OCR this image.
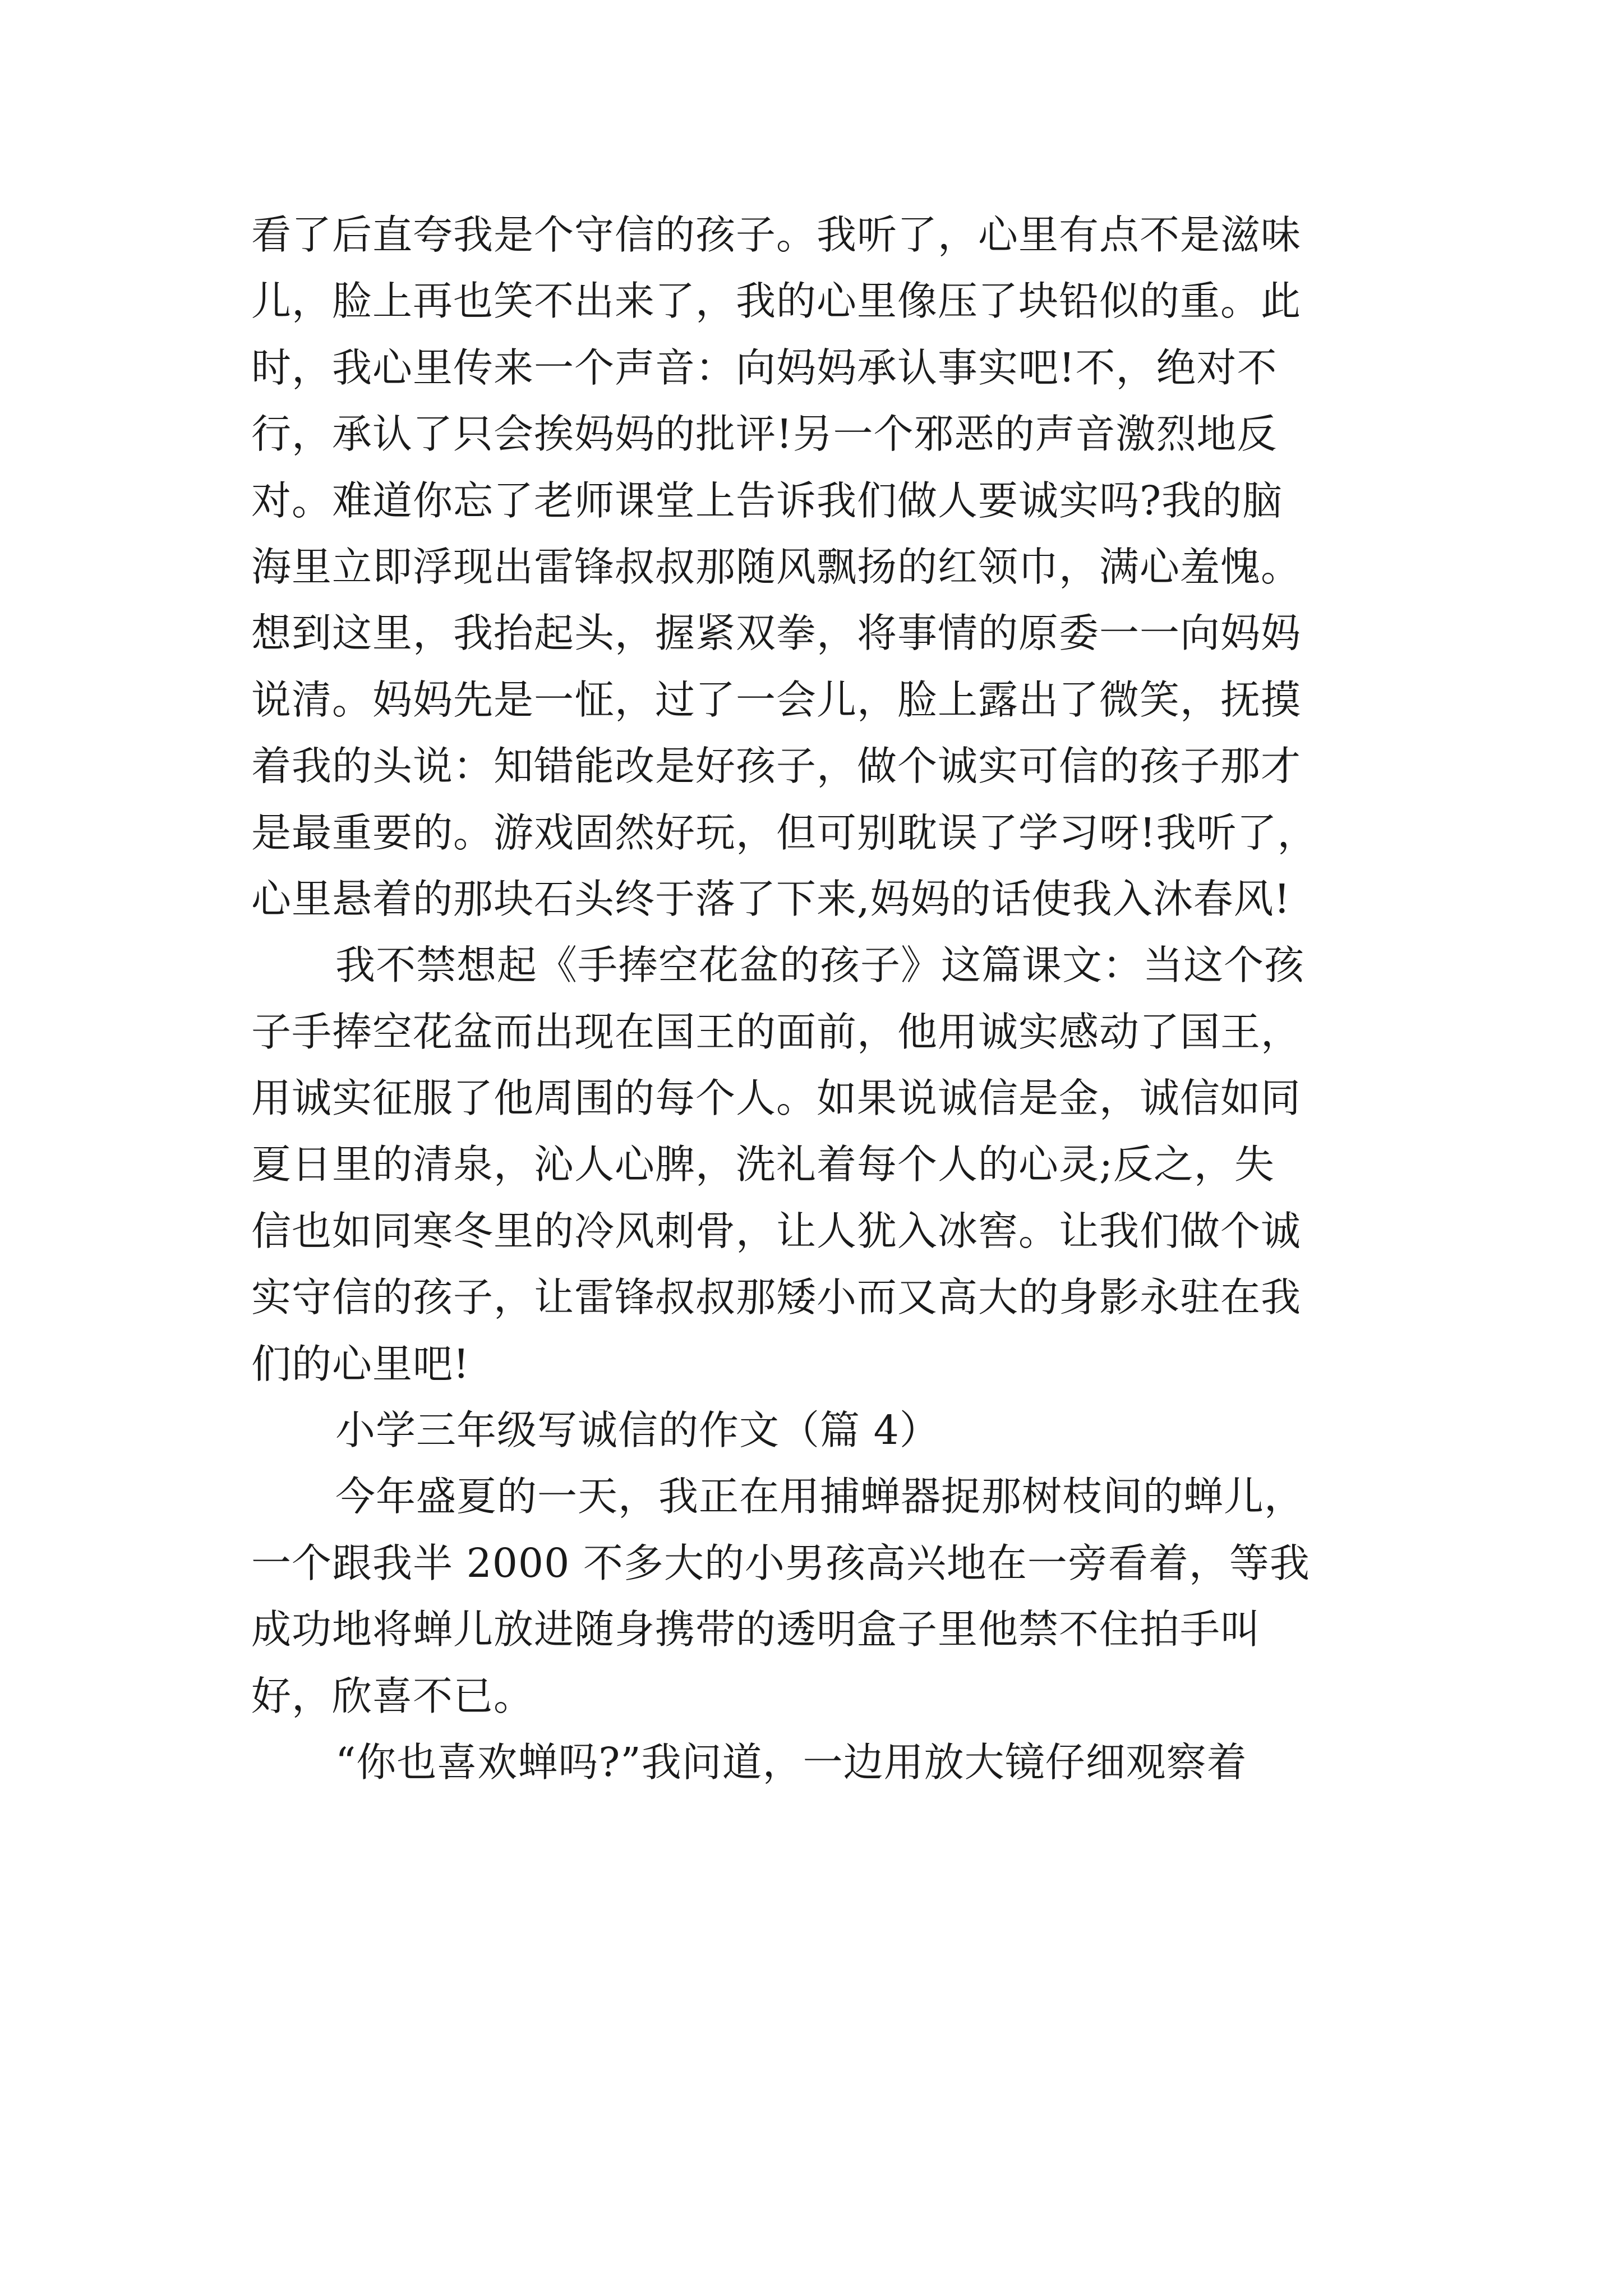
看了后直夸我是个守信的孩子。我听了，心里有点不是滋味
儿，脸上再也笑不出来了，我的心里像压了块铅似的重。此
时，我心里传来一个声音：向妈妈承认事实吧!不，绝对不
行，承认了只会挨妈妈的批评!另一个邪恶的声音激烈地反
对。难道你忘了老师课堂上告诉我们做人要诚实吗?我的脑
海里立即浮现出雷锋叔叔那随风飘扬的红领巾，满心羞愧。
想到这里，我抬起头，握紧双拳，将事情的原委一一向妈妈
说清。妈妈先是一怔，过了一会儿，脸上露出了微笑，抚摸
着我的头说：知错能改是好孩子，做个诚实可信的孩子那才
是最重要的。游戏固然好玩，但可别耽误了学习呀!我听了，
心里悬着的那块石头终于落了下来,妈妈的话使我入沐春风!
我不禁想起《手捧空花盆的孩子》这篇课文：当这个孩
子手捧空花盆而出现在国王的面前，他用诚实感动了国王，
用诚实征服了他周围的每个人。如果说诚信是金，诚信如同
夏日里的清泉，沁人心脾，洗礼着每个人的心灵;反之，失
信也如同寒冬里的冷风刺骨，让人犹入冰窖。让我们做个诚
实守信的孩子，让雷锋叔叔那矮小而又高大的身影永驻在我
们的心里吧!
小学三年级写诚信的作文（篇 4）
今年盛夏的一天，我正在用捕蝉器捉那树枝间的蝉儿，
一个跟我半 2000 不多大的小男孩高兴地在一旁看着，等我
成功地将蝉儿放进随身携带的透明盒子里他禁不住拍手叫
好，欣喜不已。
“你也喜欢蝉吗?”我问道，一边用放大镜仔细观察着
